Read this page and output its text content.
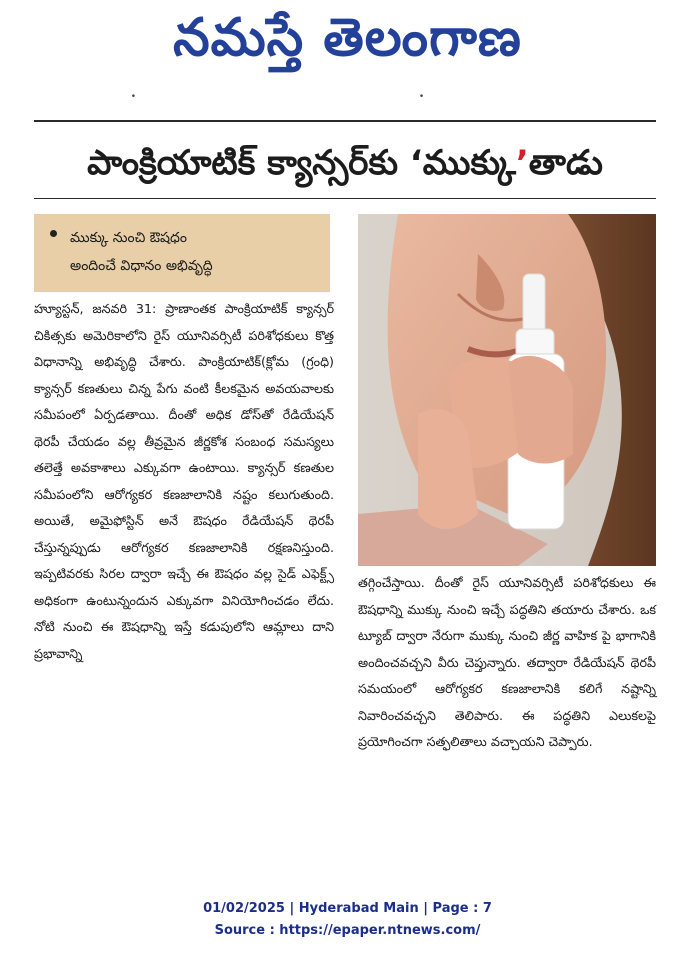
నమస్తే తెలంగాణ
• •
పాంక్రియాటిక్ క్యాన్సర్‌కు ‘ముక్కు’తాడు
ముక్కు నుంచి ఔషధం
అందించే విధానం అభివృద్ధి

హ్యూస్టన్, జనవరి 31: ప్రాణాంతక పాంక్రియాటిక్ క్యాన్సర్ చికిత్సకు అమెరికాలోని రైస్ యూనివర్సిటీ పరిశోధకులు కొత్త విధానాన్ని అభివృద్ధి చేశారు. పాంక్రియాటిక్(క్లోమ (గ్రంధి) క్యాన్సర్ కణతులు చిన్న పేగు వంటి కీలకమైన అవయవాలకు సమీపంలో ఏర్పడతాయి. దీంతో అధిక డోస్‌తో రేడియేషన్ థెరపీ చేయడం వల్ల తీవ్రమైన జీర్ణకోశ సంబంధ సమస్యలు తలెత్తే అవకాశాలు ఎక్కువగా ఉంటాయి. క్యాన్సర్ కణతుల సమీపంలోని ఆరోగ్యకర కణజాలానికి నష్టం కలుగుతుంది. అయితే, అమైఫోస్టిన్ అనే ఔషధం రేడియేషన్ థెరపీ చేస్తున్నప్పుడు ఆరోగ్యకర కణజాలానికి రక్షణనిస్తుంది. ఇప్పటివరకు సిరల ద్వారా ఇచ్చే ఈ ఔషధం వల్ల సైడ్ ఎఫెక్ట్స్ అధికంగా ఉంటున్నందున ఎక్కువగా వినియోగించడం లేదు. నోటి నుంచి ఈ ఔషధాన్ని ఇస్తే కడుపులోని ఆమ్లాలు దాని ప్రభావాన్ని

తగ్గించేస్తాయి. దీంతో రైస్ యూనివర్సిటీ పరిశోధకులు ఈ ఔషధాన్ని ముక్కు నుంచి ఇచ్చే పద్ధతిని తయారు చేశారు. ఒక ట్యూబ్ ద్వారా నేరుగా ముక్కు నుంచి జీర్ణ వాహిక పై భాగానికి అందించవచ్చని వీరు చెప్తున్నారు. తద్వారా రేడియేషన్ థెరపీ సమయంలో ఆరోగ్యకర కణజాలానికి కలిగే నష్టాన్ని నివారించవచ్చని తెలిపారు. ఈ పద్ధతిని ఎలుకలపై ప్రయోగించగా సత్ఫలితాలు వచ్చాయని చెప్పారు.

01/02/2025 | Hyderabad Main | Page : 7
Source : https://epaper.ntnews.com/
